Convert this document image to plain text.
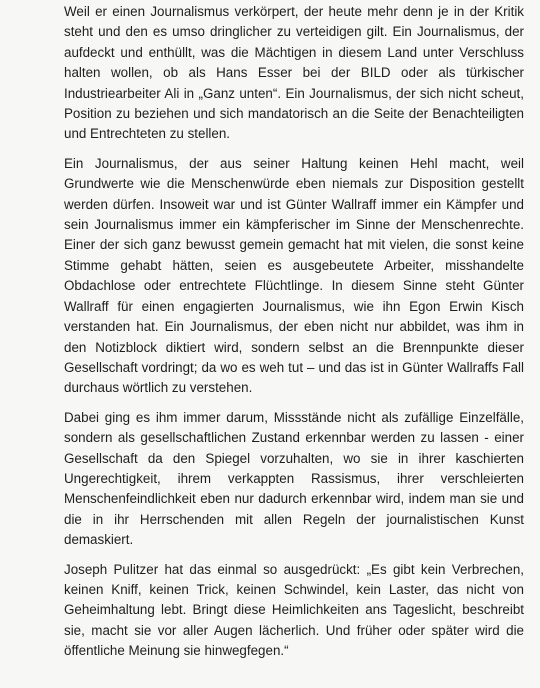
Weil er einen Journalismus verkörpert, der heute mehr denn je in der Kritik steht und den es umso dringlicher zu verteidigen gilt. Ein Journalismus, der aufdeckt und enthüllt, was die Mächtigen in diesem Land unter Verschluss halten wollen, ob als Hans Esser bei der BILD oder als türkischer Industriearbeiter Ali in „Ganz unten“. Ein Journalismus, der sich nicht scheut, Position zu beziehen und sich mandatorisch an die Seite der Benachteiligten und Entrechteten zu stellen.

Ein Journalismus, der aus seiner Haltung keinen Hehl macht, weil Grundwerte wie die Menschenwürde eben niemals zur Disposition gestellt werden dürfen. Insoweit war und ist Günter Wallraff immer ein Kämpfer und sein Journalismus immer ein kämpferischer im Sinne der Menschenrechte. Einer der sich ganz bewusst gemein gemacht hat mit vielen, die sonst keine Stimme gehabt hätten, seien es ausgebeutete Arbeiter, misshandelte Obdachlose oder entrechtete Flüchtlinge. In diesem Sinne steht Günter Wallraff für einen engagierten Journalismus, wie ihn Egon Erwin Kisch verstanden hat. Ein Journalismus, der eben nicht nur abbildet, was ihm in den Notizblock diktiert wird, sondern selbst an die Brennpunkte dieser Gesellschaft vordringt; da wo es weh tut – und das ist in Günter Wallraffs Fall durchaus wörtlich zu verstehen.

Dabei ging es ihm immer darum, Missstände nicht als zufällige Einzelfälle, sondern als gesellschaftlichen Zustand erkennbar werden zu lassen - einer Gesellschaft da den Spiegel vorzuhalten, wo sie in ihrer kaschierten Ungerechtigkeit, ihrem verkappten Rassismus, ihrer verschleierten Menschenfeindlichkeit eben nur dadurch erkennbar wird, indem man sie und die in ihr Herrschenden mit allen Regeln der journalistischen Kunst demaskiert.

Joseph Pulitzer hat das einmal so ausgedrückt: „Es gibt kein Verbrechen, keinen Kniff, keinen Trick, keinen Schwindel, kein Laster, das nicht von Geheimhaltung lebt. Bringt diese Heimlichkeiten ans Tageslicht, beschreibt sie, macht sie vor aller Augen lächerlich. Und früher oder später wird die öffentliche Meinung sie hinwegfegen.“
